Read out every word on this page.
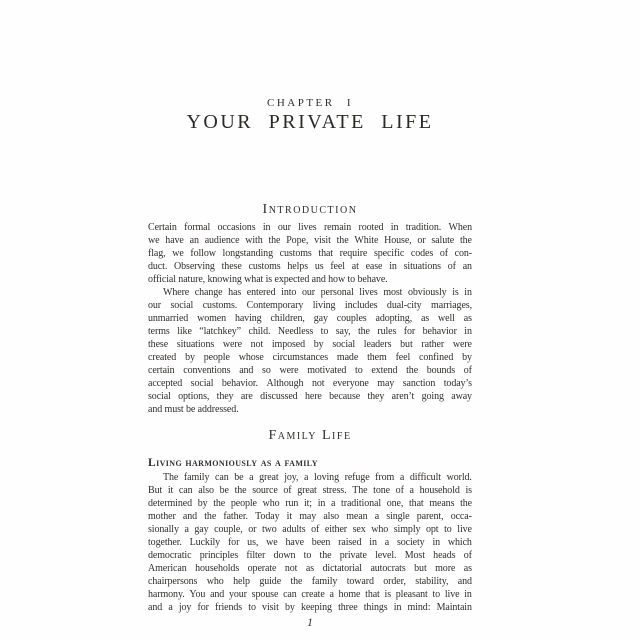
CHAPTER I
YOUR PRIVATE LIFE
Introduction
Certain formal occasions in our lives remain rooted in tradition. When
we have an audience with the Pope, visit the White House, or salute the
flag, we follow longstanding customs that require specific codes of con-
duct. Observing these customs helps us feel at ease in situations of an
official nature, knowing what is expected and how to behave.
Where change has entered into our personal lives most obviously is in
our social customs. Contemporary living includes dual-city marriages,
unmarried women having children, gay couples adopting, as well as
terms like “latchkey” child. Needless to say, the rules for behavior in
these situations were not imposed by social leaders but rather were
created by people whose circumstances made them feel confined by
certain conventions and so were motivated to extend the bounds of
accepted social behavior. Although not everyone may sanction today’s
social options, they are discussed here because they aren’t going away
and must be addressed.
Family Life
Living harmoniously as a family
The family can be a great joy, a loving refuge from a difficult world.
But it can also be the source of great stress. The tone of a household is
determined by the people who run it; in a traditional one, that means the
mother and the father. Today it may also mean a single parent, occa-
sionally a gay couple, or two adults of either sex who simply opt to live
together. Luckily for us, we have been raised in a society in which
democratic principles filter down to the private level. Most heads of
American households operate not as dictatorial autocrats but more as
chairpersons who help guide the family toward order, stability, and
harmony. You and your spouse can create a home that is pleasant to live in
and a joy for friends to visit by keeping three things in mind: Maintain
1
